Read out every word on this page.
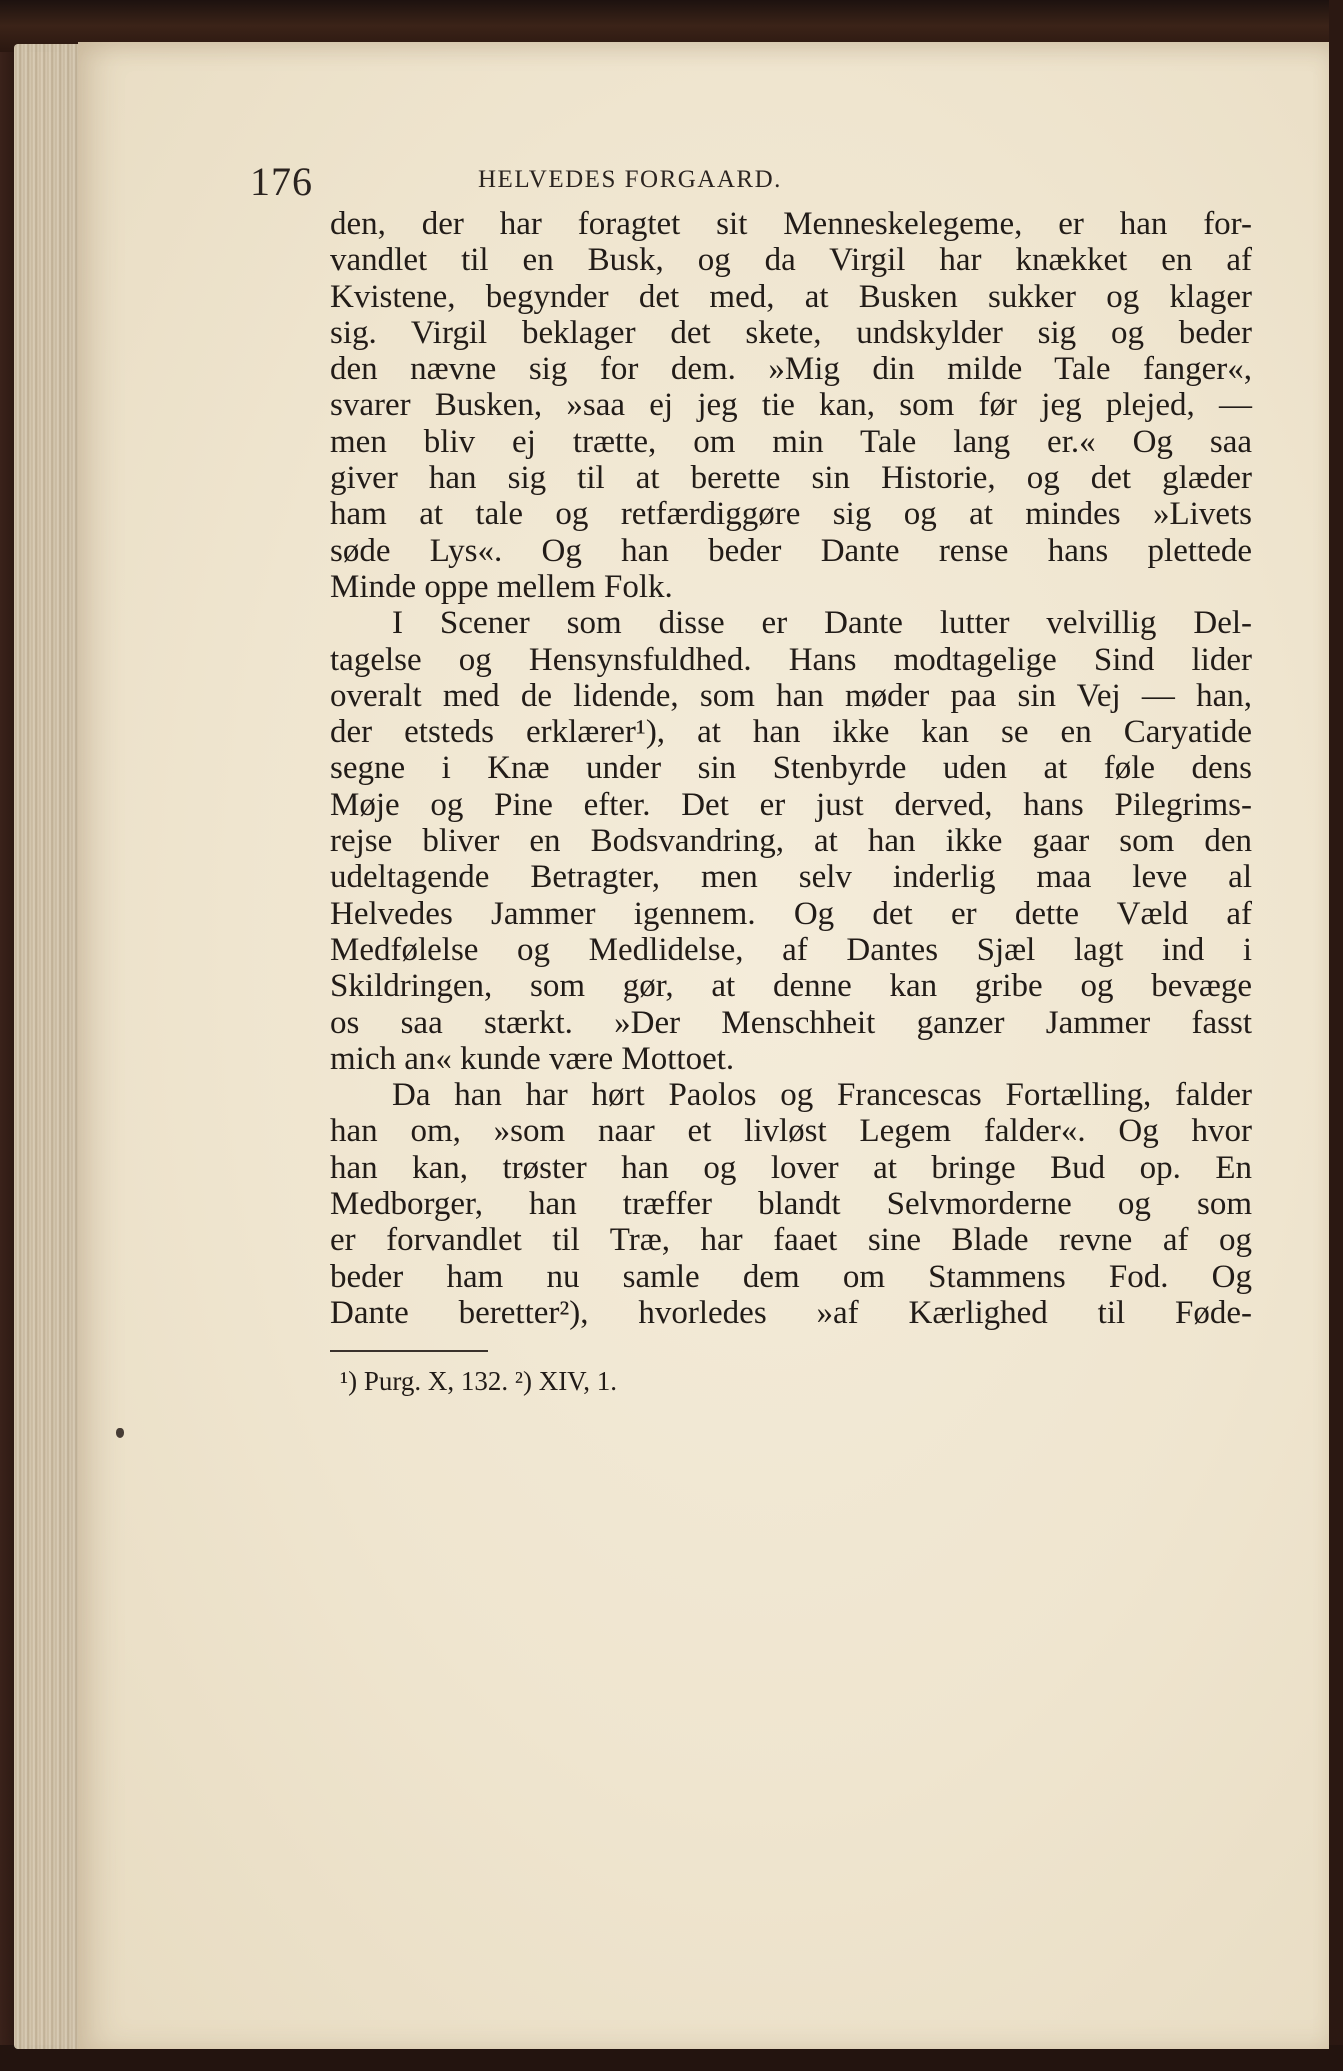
176	HELVEDES FORGAARD.
den, der har foragtet sit Menneskelegeme, er han for-
vandlet til en Busk, og da Virgil har knækket en af
Kvistene, begynder det med, at Busken sukker og klager
sig. Virgil beklager det skete, undskylder sig og beder
den nævne sig for dem. »Mig din milde Tale fanger«,
svarer Busken, »saa ej jeg tie kan, som før jeg plejed, —
men bliv ej trætte, om min Tale lang er.« Og saa
giver han sig til at berette sin Historie, og det glæder
ham at tale og retfærdiggøre sig og at mindes »Livets
søde Lys«. Og han beder Dante rense hans plettede
Minde oppe mellem Folk.
I Scener som disse er Dante lutter velvillig Del-
tagelse og Hensynsfuldhed. Hans modtagelige Sind lider
overalt med de lidende, som han møder paa sin Vej — han,
der etsteds erklærer¹), at han ikke kan se en Caryatide
segne i Knæ under sin Stenbyrde uden at føle dens
Møje og Pine efter. Det er just derved, hans Pilegrims-
rejse bliver en Bodsvandring, at han ikke gaar som den
udeltagende Betragter, men selv inderlig maa leve al
Helvedes Jammer igennem. Og det er dette Væld af
Medfølelse og Medlidelse, af Dantes Sjæl lagt ind i
Skildringen, som gør, at denne kan gribe og bevæge
os saa stærkt. »Der Menschheit ganzer Jammer fasst
mich an« kunde være Mottoet.
Da han har hørt Paolos og Francescas Fortælling, falder
han om, »som naar et livløst Legem falder«. Og hvor
han kan, trøster han og lover at bringe Bud op. En
Medborger, han træffer blandt Selvmorderne og som
er forvandlet til Træ, har faaet sine Blade revne af og
beder ham nu samle dem om Stammens Fod. Og
Dante beretter²), hvorledes »af Kærlighed til Føde-
¹) Purg. X, 132. ²) XIV, 1.
